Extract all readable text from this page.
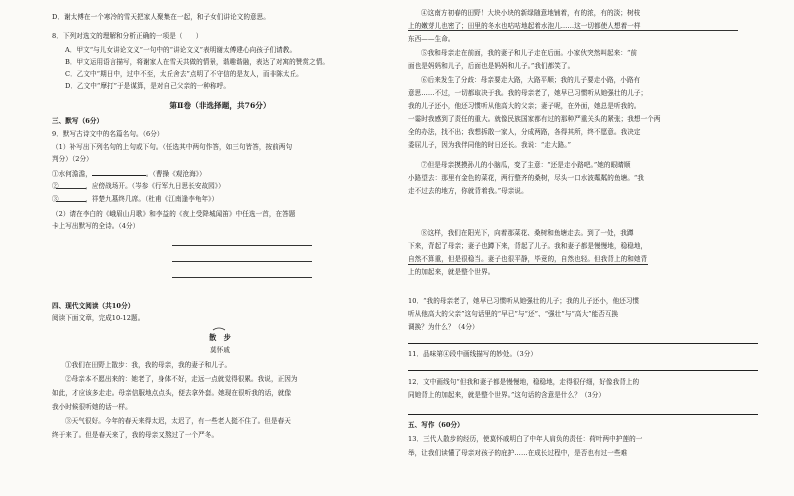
D．谢太傅在一个寒冷的雪天把家人聚集在一起，和子女们讲论文的意思。
8．下列对选文的理解和分析正确的一项是（　　）
A．甲文“与儿女讲论文义”一句中的“讲论文义”表明谢太傅建心向孩子们请教。
B．甲文运用语言描写，将谢家人在雪天共做的情景，谐趣谐融，表达了对寓的赞赏之情。
C．乙文中“期日中，过中不至，太丘舍去”点明了不守信的是友人，而非陈太丘。
D．乙文中“摩打”于是谋算，是对自己父亲的一种称呼。
第Ⅱ卷（非选择题，共76分）
三、默写（6分）
9．默写古诗文中的名篇名句。（6分）
（1）补写出下列名句的上句或下句。（任选其中两句作答，如三句皆答，按前两句
判分）（2分）
①水何澹澹，	。（曹操《观沧海》）
②　　　　，应傍战场开。（岑参《行军九日思长安故园》）
③　　　　，祥楚九墓终几席。（杜甫《江南逢李龟年》）
（2）请在李白的《峨眉山月歌》和李益的《夜上受降城闻笛》中任选一首，在答题
卡上写出默写的全诗。（4分）
四、现代文阅读（共10分）
阅读下面文章，完成10-12题。
散　步
莫怀戚
①我们在田野上散步：我，我的母亲，我的妻子和儿子。
②母亲本不愿出来的：她老了，身体不好，走远一点就觉得很累。我说，正因为
如此，才应该多走走。母亲信服地点点头，便去拿外套。她现在很听我的话，就像
我小时候很听她的话一样。
③天气很好。今年的春天来得太迟，太迟了，有一些老人挺不住了。但是春天
终于来了。但是春天来了，我的母亲又熬过了一个严冬。
④这南方初春的田野！大块小块的新绿随意地铺着，有的浓，有的淡；树枝
上的嫩芽儿也密了；田里的冬水也咕咕地起着水泡儿……这一切都使人想着一样
东西——生命。
⑤我和母亲走在前面，我的妻子和儿子走在后面。小家伙突然叫起来：“前
面也是妈妈和儿子，后面也是妈妈和儿子。”我们都笑了。
⑥后来发生了分歧：母亲要走大路，大路平顺；我的儿子要走小路，小路有
意思……不过，一切都取决于我。我的母亲老了，她早已习惯听从她强壮的儿子；
我的儿子还小，他还习惯听从他高大的父亲；妻子呢，在外面，她总是听我的。
一霎时我感到了责任的重大。就像民族国家都有过的那种严重关头的紧张；我想一个两
全的办法，找不出；我想拆散一家人，分成两路，各得其所，终不愿意。我决定
委屈儿子，因为我伴同他的时日还长。我说：“走大路。”
⑦但是母亲摸摸孙儿的小脑瓜，变了主意：“还是走小路吧。”她的眼睛顺
小路望去：那里有金色的菜花，两行整齐的桑树，尽头一口水波粼粼的鱼塘。“我
走不过去的地方，你就背着我。”母亲说。
⑧这样，我们在阳光下，向着那菜花、桑树和鱼塘走去。到了一处，我蹲
下来，背起了母亲；妻子也蹲下来，背起了儿子。我和妻子都是慢慢地，稳稳地，
自然不算重，但是很稳当。妻子也很平静，毕竟的，自然也轻。但我背上的和她背
上的加起来，就是整个世界。
10．“我的母亲老了，她早已习惯听从她强壮的儿子；我的儿子还小，他还习惯
听从他高大的父亲”这句话里的“早已”与“还”、“强壮”与“高大”能否互换
调换？为什么？（4分）
11．品味第④段中画线描写的妙处。（3分）
12．文中画线句“但我和妻子都是慢慢地，稳稳地，走得很仔细，好像我背上的
同她背上的加起来，就是整个世界。”这句话的含意是什么？（3分）
五、写作（60分）
13．三代人散步的经历，使莫怀戚明白了中年人肩负的责任：荷叶两中护莲的一
举，让我们读懂了母亲对孩子的庇护……在成长过程中，是否也有过一些难
